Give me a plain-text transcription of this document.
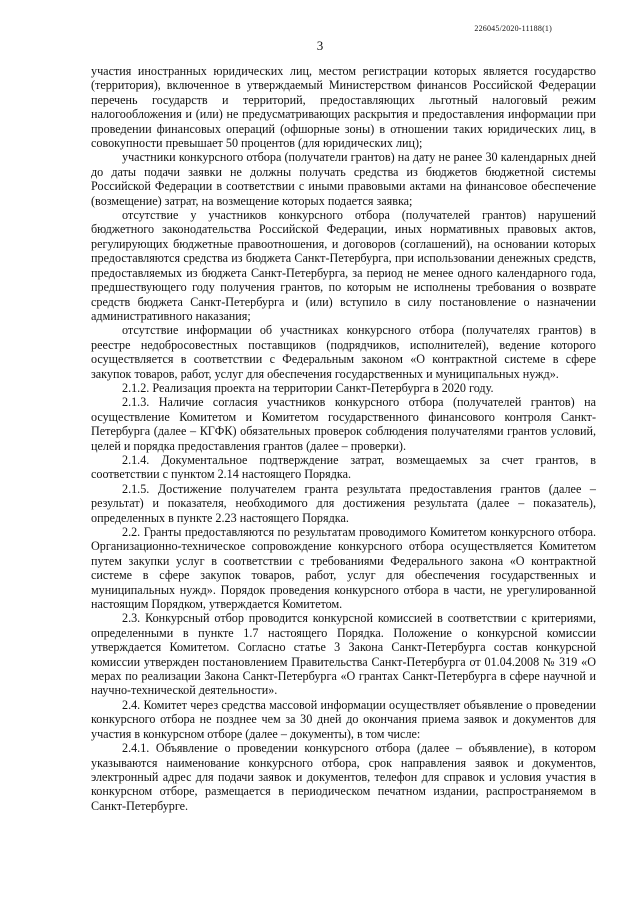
226045/2020-11188(1)
3

участия иностранных юридических лиц, местом регистрации которых является государство (территория), включенное в утверждаемый Министерством финансов Российской Федерации перечень государств и территорий, предоставляющих льготный налоговый режим налогообложения и (или) не предусматривающих раскрытия и предоставления информации при проведении финансовых операций (офшорные зоны) в отношении таких юридических лиц, в совокупности превышает 50 процентов (для юридических лиц);

участники конкурсного отбора (получатели грантов) на дату не ранее 30 календарных дней до даты подачи заявки не должны получать средства из бюджетов бюджетной системы Российской Федерации в соответствии с иными правовыми актами на финансовое обеспечение (возмещение) затрат, на возмещение которых подается заявка;

отсутствие у участников конкурсного отбора (получателей грантов) нарушений бюджетного законодательства Российской Федерации, иных нормативных правовых актов, регулирующих бюджетные правоотношения, и договоров (соглашений), на основании которых предоставляются средства из бюджета Санкт-Петербурга, при использовании денежных средств, предоставляемых из бюджета Санкт-Петербурга, за период не менее одного календарного года, предшествующего году получения грантов, по которым не исполнены требования о возврате средств бюджета Санкт-Петербурга и (или) вступило в силу постановление о назначении административного наказания;

отсутствие информации об участниках конкурсного отбора (получателях грантов) в реестре недобросовестных поставщиков (подрядчиков, исполнителей), ведение которого осуществляется в соответствии с Федеральным законом «О контрактной системе в сфере закупок товаров, работ, услуг для обеспечения государственных и муниципальных нужд».

2.1.2. Реализация проекта на территории Санкт-Петербурга в 2020 году.

2.1.3. Наличие согласия участников конкурсного отбора (получателей грантов) на осуществление Комитетом и Комитетом государственного финансового контроля Санкт-Петербурга (далее – КГФК) обязательных проверок соблюдения получателями грантов условий, целей и порядка предоставления грантов (далее – проверки).

2.1.4. Документальное подтверждение затрат, возмещаемых за счет грантов, в соответствии с пунктом 2.14 настоящего Порядка.

2.1.5. Достижение получателем гранта результата предоставления грантов (далее – результат) и показателя, необходимого для достижения результата (далее – показатель), определенных в пункте 2.23 настоящего Порядка.

2.2. Гранты предоставляются по результатам проводимого Комитетом конкурсного отбора. Организационно-техническое сопровождение конкурсного отбора осуществляется Комитетом путем закупки услуг в соответствии с требованиями Федерального закона «О контрактной системе в сфере закупок товаров, работ, услуг для обеспечения государственных и муниципальных нужд». Порядок проведения конкурсного отбора в части, не урегулированной настоящим Порядком, утверждается Комитетом.

2.3. Конкурсный отбор проводится конкурсной комиссией в соответствии с критериями, определенными в пункте 1.7 настоящего Порядка. Положение о конкурсной комиссии утверждается Комитетом. Согласно статье 3 Закона Санкт-Петербурга состав конкурсной комиссии утвержден постановлением Правительства Санкт-Петербурга от 01.04.2008 № 319 «О мерах по реализации Закона Санкт-Петербурга «О грантах Санкт-Петербурга в сфере научной и научно-технической деятельности».

2.4. Комитет через средства массовой информации осуществляет объявление о проведении конкурсного отбора не позднее чем за 30 дней до окончания приема заявок и документов для участия в конкурсном отборе (далее – документы), в том числе:

2.4.1. Объявление о проведении конкурсного отбора (далее – объявление), в котором указываются наименование конкурсного отбора, срок направления заявок и документов, электронный адрес для подачи заявок и документов, телефон для справок и условия участия в конкурсном отборе, размещается в периодическом печатном издании, распространяемом в Санкт-Петербурге.
